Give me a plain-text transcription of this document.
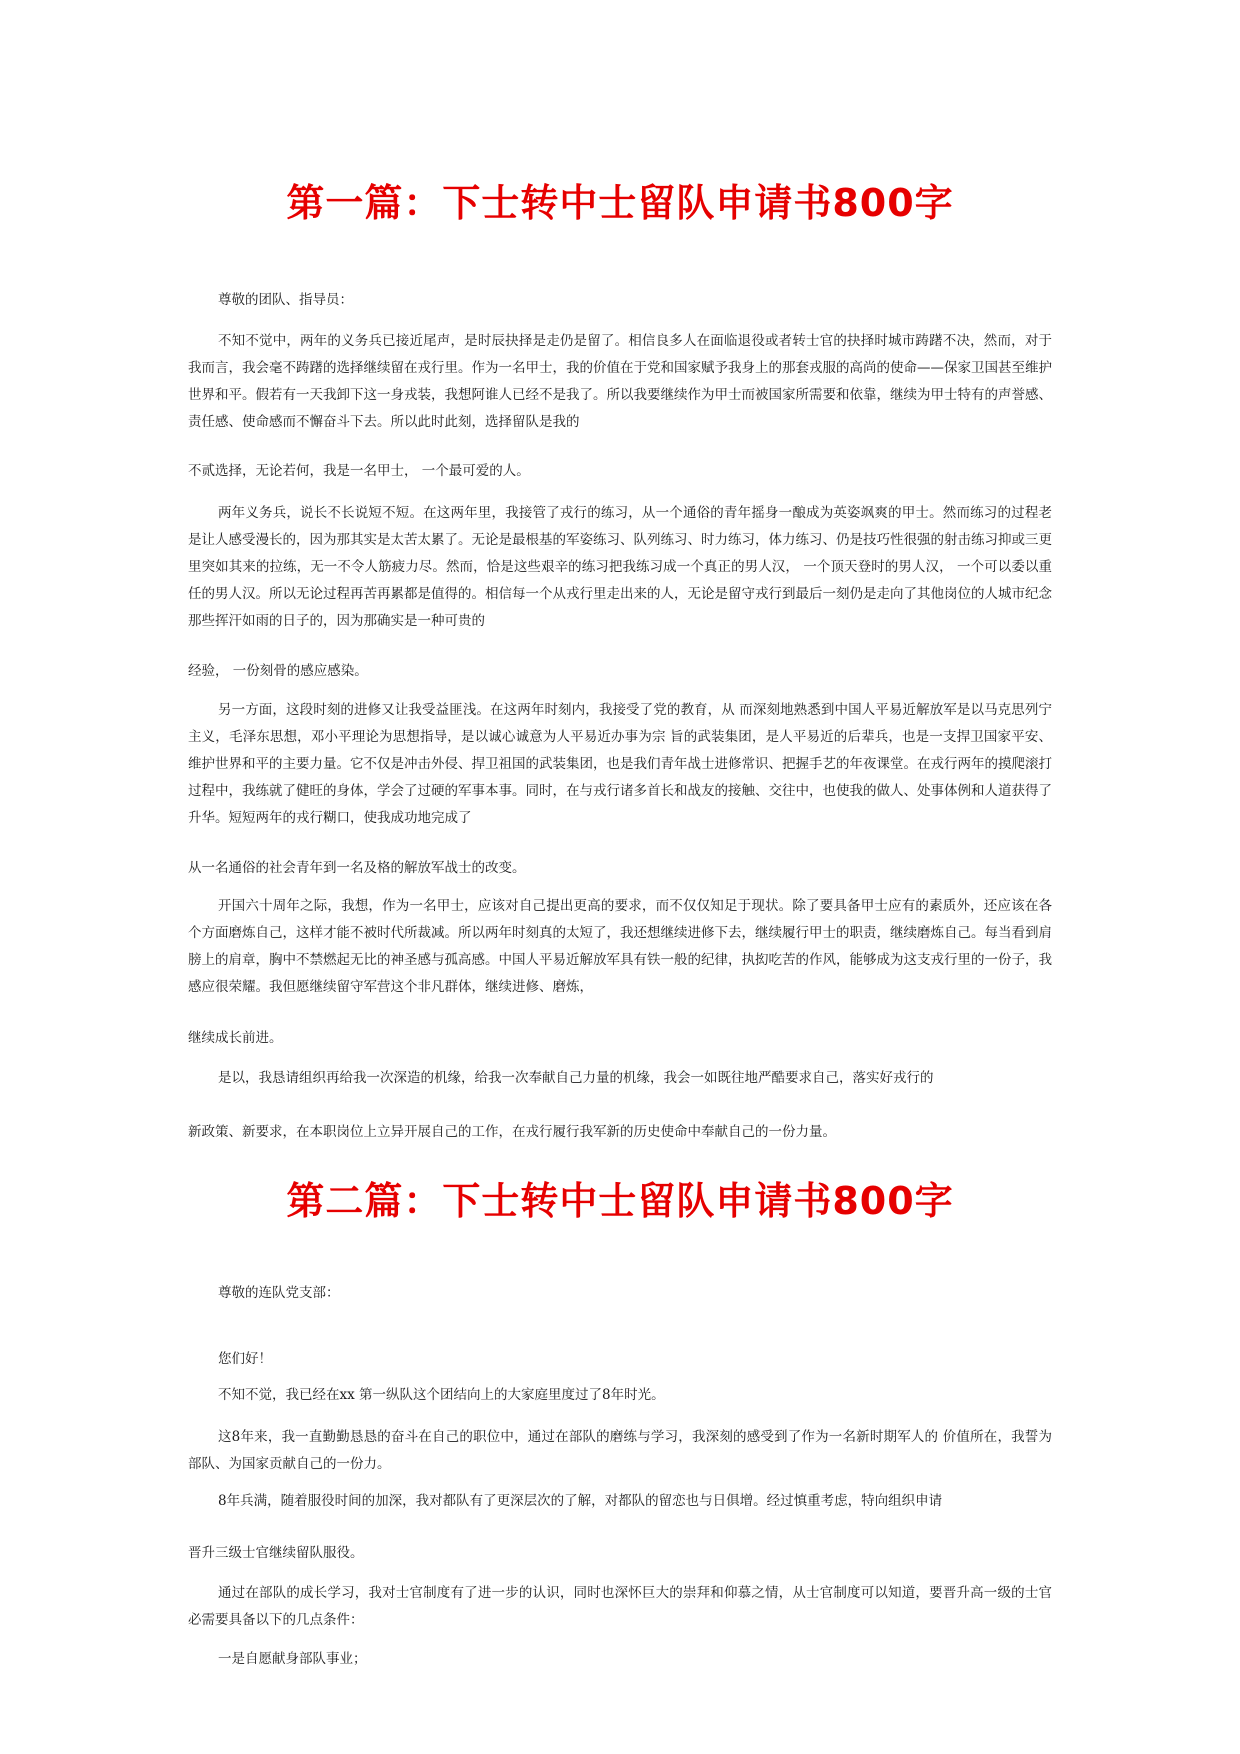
第一篇：下士转中士留队申请书800字

尊敬的团队、指导员：

不知不觉中，两年的义务兵已接近尾声，是时辰抉择是走仍是留了。相信良多人在面临退役或者转士官的抉择时城市踌躇不决，然而，对于我而言，我会毫不踌躇的选择继续留在戎行里。作为一名甲士，我的价值在于党和国家赋予我身上的那套戎服的高尚的使命——保家卫国甚至维护世界和平。假若有一天我卸下这一身戎装，我想阿谁人已经不是我了。所以我要继续作为甲士而被国家所需要和依靠，继续为甲士特有的声誉感、责任感、使命感而不懈奋斗下去。所以此时此刻，选择留队是我的

不贰选择，无论若何，我是一名甲士， 一个最可爱的人。

两年义务兵，说长不长说短不短。在这两年里，我接管了戎行的练习，从一个通俗的青年摇身一酿成为英姿飒爽的甲士。然而练习的过程老是让人感受漫长的，因为那其实是太苦太累了。无论是最根基的军姿练习、队列练习、时力练习，体力练习、仍是技巧性很强的射击练习抑或三更里突如其来的拉练，无一不令人筋疲力尽。然而，恰是这些艰辛的练习把我练习成一个真正的男人汉， 一个顶天登时的男人汉， 一个可以委以重任的男人汉。所以无论过程再苦再累都是值得的。相信每一个从戎行里走出来的人，无论是留守戎行到最后一刻仍是走向了其他岗位的人城市纪念那些挥汗如雨的日子的，因为那确实是一种可贵的

经验， 一份刻骨的感应感染。

另一方面，这段时刻的进修又让我受益匪浅。在这两年时刻内，我接受了党的教育，从 而深刻地熟悉到中国人平易近解放军是以马克思列宁主义，毛泽东思想，邓小平理论为思想指导，是以诚心诚意为人平易近办事为宗 旨的武装集团，是人平易近的后辈兵，也是一支捍卫国家平安、维护世界和平的主要力量。它不仅是冲击外侵、捍卫祖国的武装集团，也是我们青年战士进修常识、把握手艺的年夜课堂。在戎行两年的摸爬滚打过程中，我练就了健旺的身体，学会了过硬的军事本事。同时，在与戎行诸多首长和战友的接触、交往中，也使我的做人、处事体例和人道获得了升华。短短两年的戎行糊口，使我成功地完成了

从一名通俗的社会青年到一名及格的解放军战士的改变。

开国六十周年之际，我想，作为一名甲士，应该对自己提出更高的要求，而不仅仅知足于现状。除了要具备甲士应有的素质外，还应该在各个方面磨炼自己，这样才能不被时代所裁减。所以两年时刻真的太短了，我还想继续进修下去，继续履行甲士的职责，继续磨炼自己。每当看到肩膀上的肩章，胸中不禁燃起无比的神圣感与孤高感。中国人平易近解放军具有铁一般的纪律，执抝吃苦的作风，能够成为这支戎行里的一份子，我感应很荣耀。我但愿继续留守军营这个非凡群体，继续进修、磨炼，

继续成长前进。

是以，我恳请组织再给我一次深造的机缘，给我一次奉献自己力量的机缘，我会一如既往地严酷要求自己，落实好戎行的

新政策、新要求，在本职岗位上立异开展自己的工作，在戎行履行我军新的历史使命中奉献自己的一份力量。

第二篇：下士转中士留队申请书800字

尊敬的连队党支部：

您们好！

不知不觉，我已经在xx 第一纵队这个团结向上的大家庭里度过了8年时光。

这8年来，我一直勤勤恳恳的奋斗在自己的职位中，通过在部队的磨练与学习，我深刻的感受到了作为一名新时期军人的 价值所在，我誓为部队、为国家贡献自己的一份力。

8年兵满，随着服役时间的加深，我对都队有了更深层次的了解，对都队的留恋也与日俱增。经过慎重考虑，特向组织申请

晋升三级士官继续留队服役。

通过在部队的成长学习，我对士官制度有了进一步的认识，同时也深怀巨大的崇拜和仰慕之情，从士官制度可以知道，要晋升高一级的士官必需要具备以下的几点条件：

一是自愿献身部队事业；
